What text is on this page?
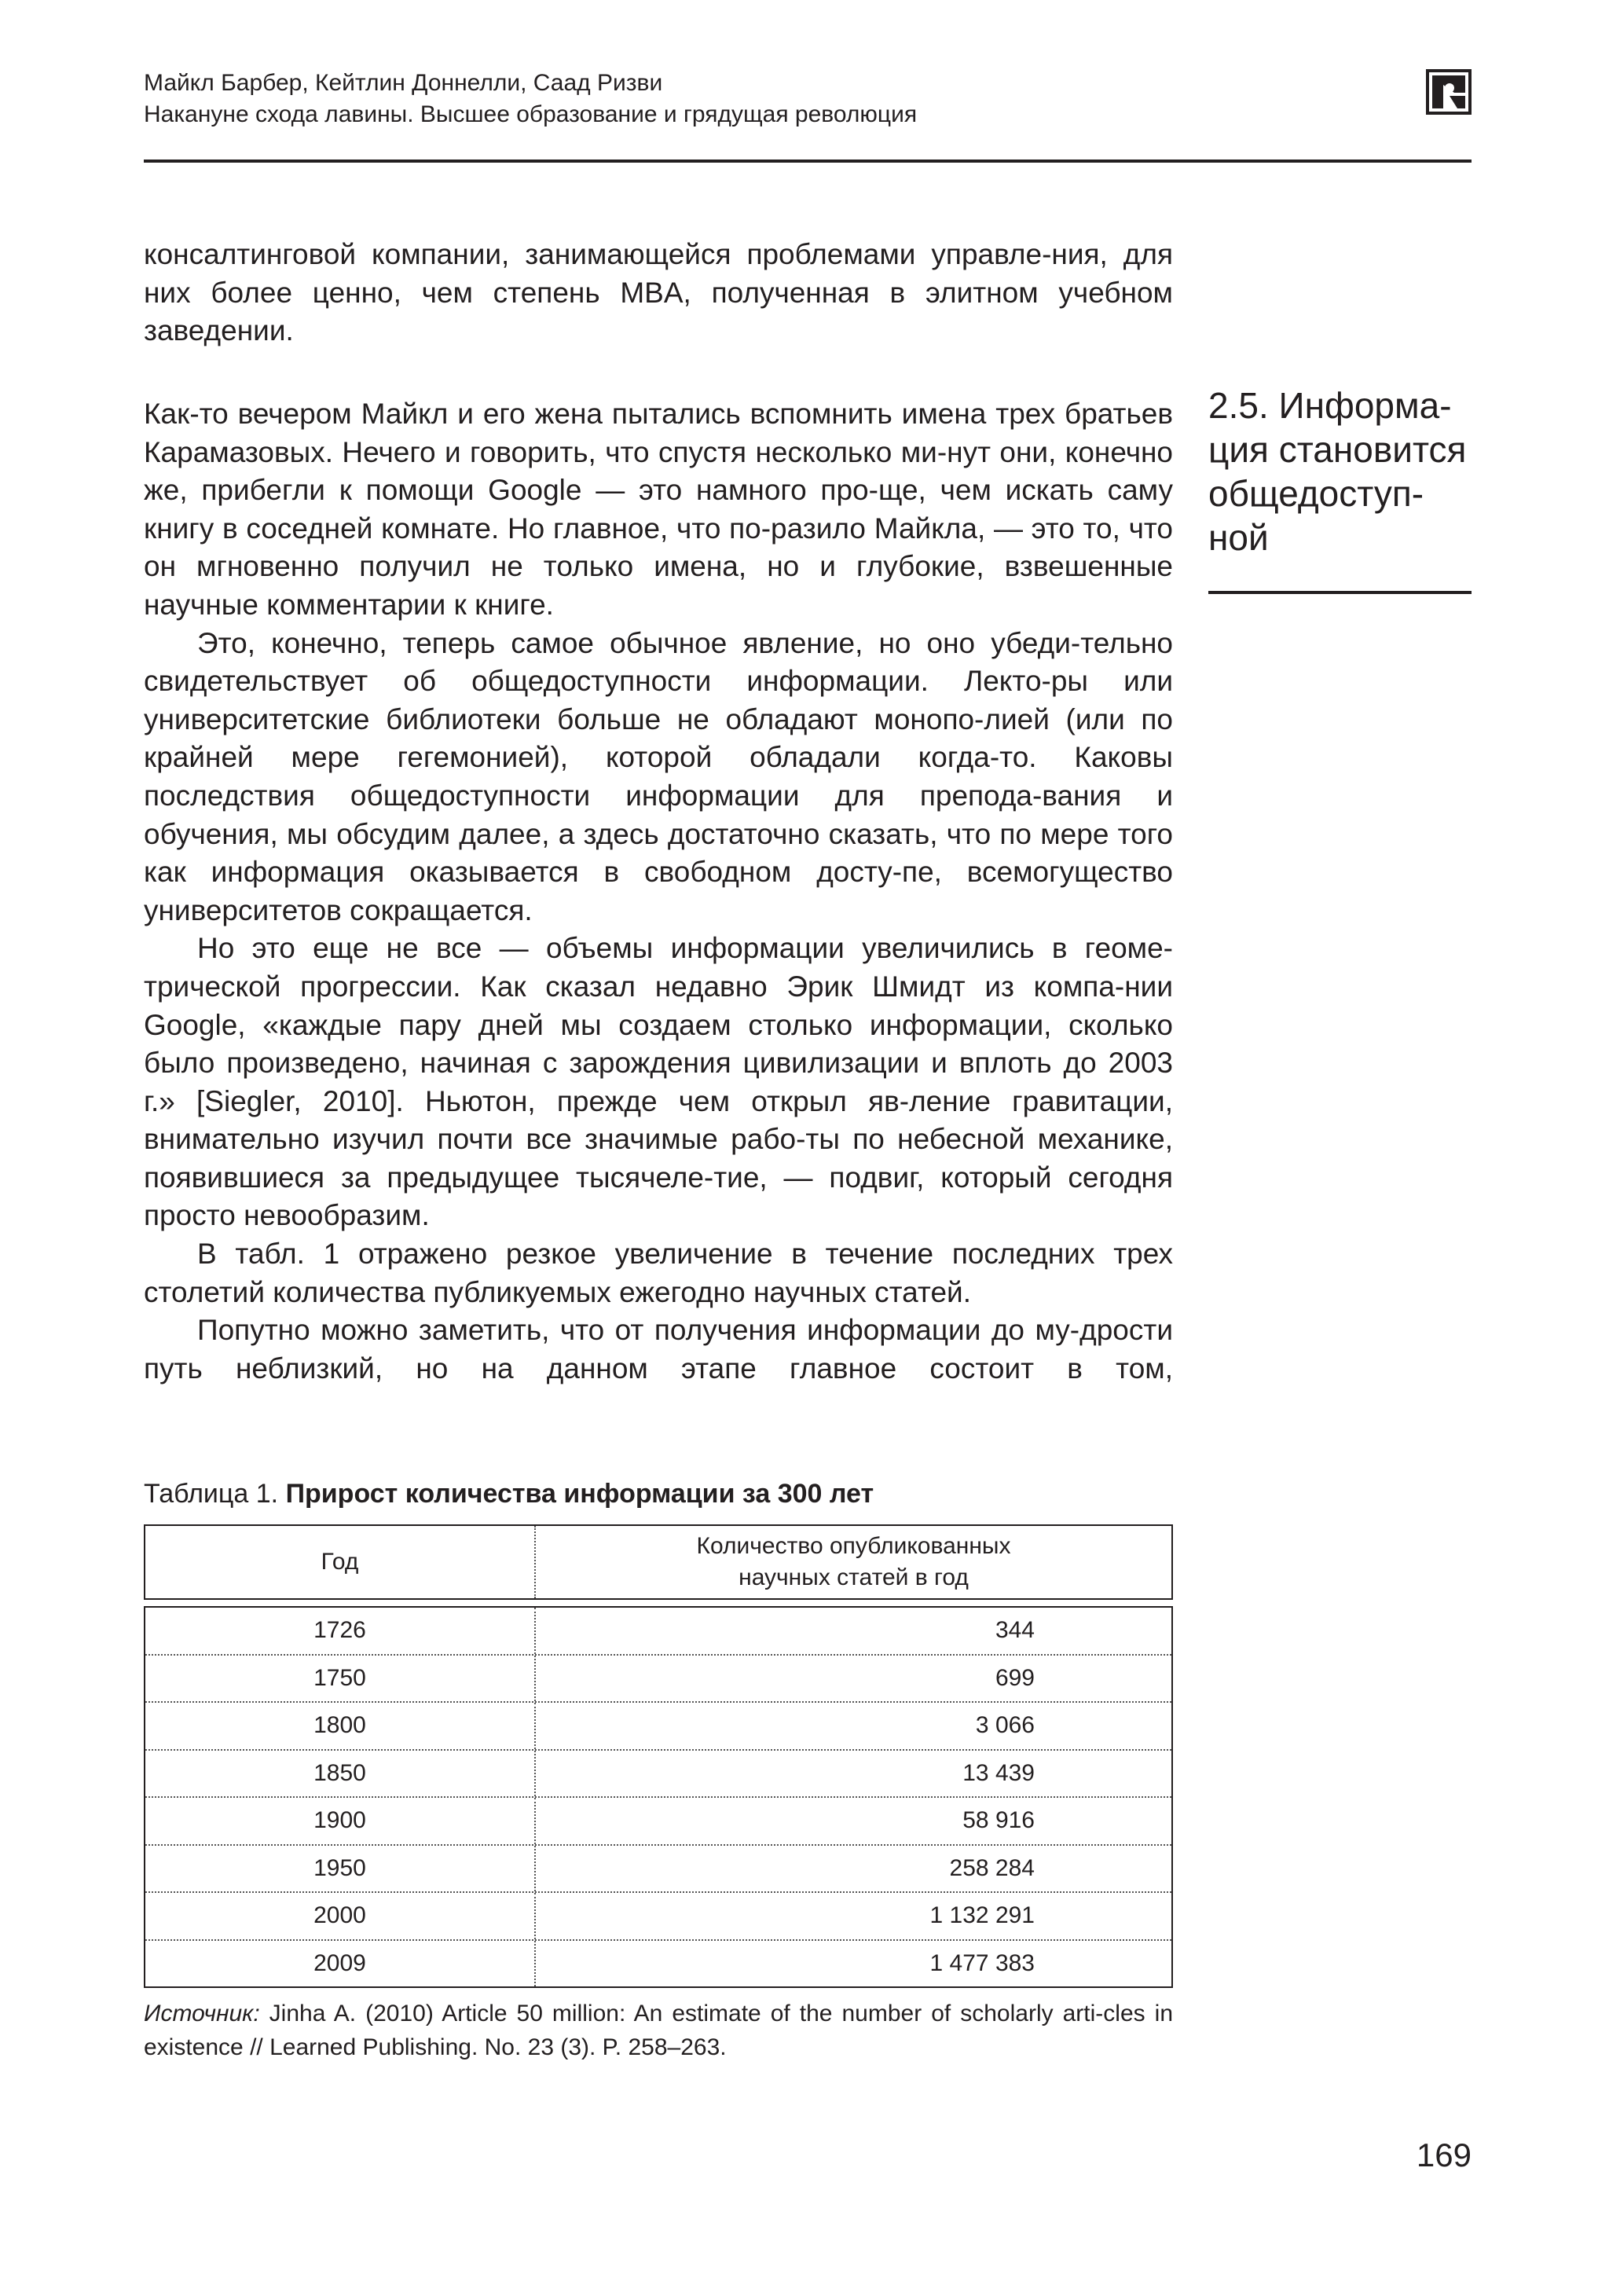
Майкл Барбер, Кейтлин Доннелли, Саад Ризви
Накануне схода лавины. Высшее образование и грядущая революция

консалтинговой компании, занимающейся проблемами управле-ния, для них более ценно, чем степень MBA, полученная в элитном учебном заведении.

2.5. Информа-ция становится общедоступ-ной

Как-то вечером Майкл и его жена пытались вспомнить имена трех братьев Карамазовых. Нечего и говорить, что спустя несколько ми-нут они, конечно же, прибегли к помощи Google — это намного про-ще, чем искать саму книгу в соседней комнате. Но главное, что по-разило Майкла, — это то, что он мгновенно получил не только имена, но и глубокие, взвешенные научные комментарии к книге.

Это, конечно, теперь самое обычное явление, но оно убеди-тельно свидетельствует об общедоступности информации. Лекто-ры или университетские библиотеки больше не обладают монопо-лией (или по крайней мере гегемонией), которой обладали когда-то. Каковы последствия общедоступности информации для препода-вания и обучения, мы обсудим далее, а здесь достаточно сказать, что по мере того как информация оказывается в свободном досту-пе, всемогущество университетов сокращается.

Но это еще не все — объемы информации увеличились в геоме-трической прогрессии. Как сказал недавно Эрик Шмидт из компа-нии Google, «каждые пару дней мы создаем столько информации, сколько было произведено, начиная с зарождения цивилизации и вплоть до 2003 г.» [Siegler, 2010]. Ньютон, прежде чем открыл яв-ление гравитации, внимательно изучил почти все значимые рабо-ты по небесной механике, появившиеся за предыдущее тысячеле-тие, — подвиг, который сегодня просто невообразим.

В табл. 1 отражено резкое увеличение в течение последних трех столетий количества публикуемых ежегодно научных статей.

Попутно можно заметить, что от получения информации до му-дрости путь неблизкий, но на данном этапе главное состоит в том,

Таблица 1. Прирост количества информации за 300 лет
Год
Количество опубликованных
научных статей в год
1726	344
1750	699
1800	3 066
1850	13 439
1900	58 916
1950	258 284
2000	1 132 291
2009	1 477 383

Источник: Jinha A. (2010) Article 50 million: An estimate of the number of scholarly arti-cles in existence // Learned Publishing. No. 23 (3). P. 258–263.

169
